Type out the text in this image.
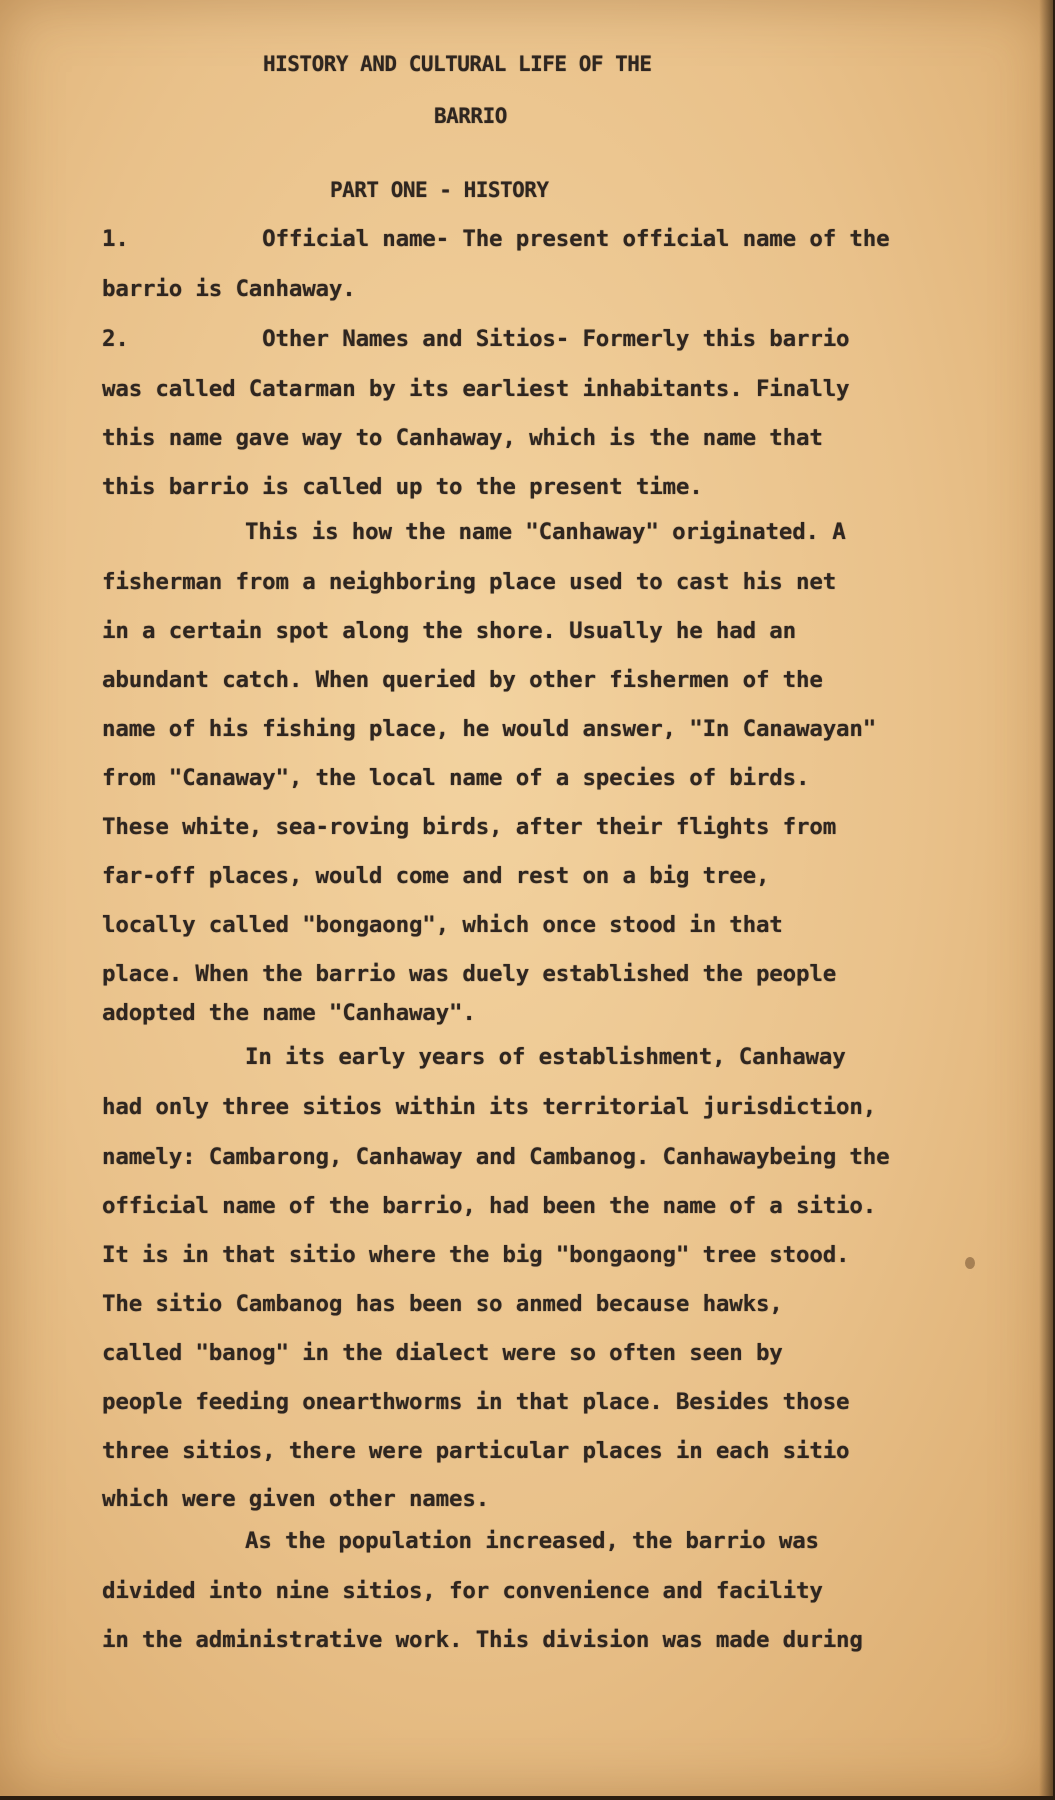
HISTORY AND CULTURAL LIFE OF THE
BARRIO
PART ONE - HISTORY
1.          Official name- The present official name of the
barrio is Canhaway.
2.          Other Names and Sitios- Formerly this barrio
was called Catarman by its earliest inhabitants. Finally
this name gave way to Canhaway, which is the name that
this barrio is called up to the present time.
This is how the name "Canhaway" originated. A
fisherman from a neighboring place used to cast his net
in a certain spot along the shore. Usually he had an
abundant catch. When queried by other fishermen of the
name of his fishing place, he would answer, "In Canawayan"
from "Canaway", the local name of a species of birds.
These white, sea-roving birds, after their flights from
far-off places, would come and rest on a big tree,
locally called "bongaong", which once stood in that
place. When the barrio was duely established the people
adopted the name "Canhaway".
In its early years of establishment, Canhaway
had only three sitios within its territorial jurisdiction,
namely: Cambarong, Canhaway and Cambanog. Canhawaybeing the
official name of the barrio, had been the name of a sitio.
It is in that sitio where the big "bongaong" tree stood.
The sitio Cambanog has been so anmed because hawks,
called "banog" in the dialect were so often seen by
people feeding onearthworms in that place. Besides those
three sitios, there were particular places in each sitio
which were given other names.
As the population increased, the barrio was
divided into nine sitios, for convenience and facility
in the administrative work. This division was made during
